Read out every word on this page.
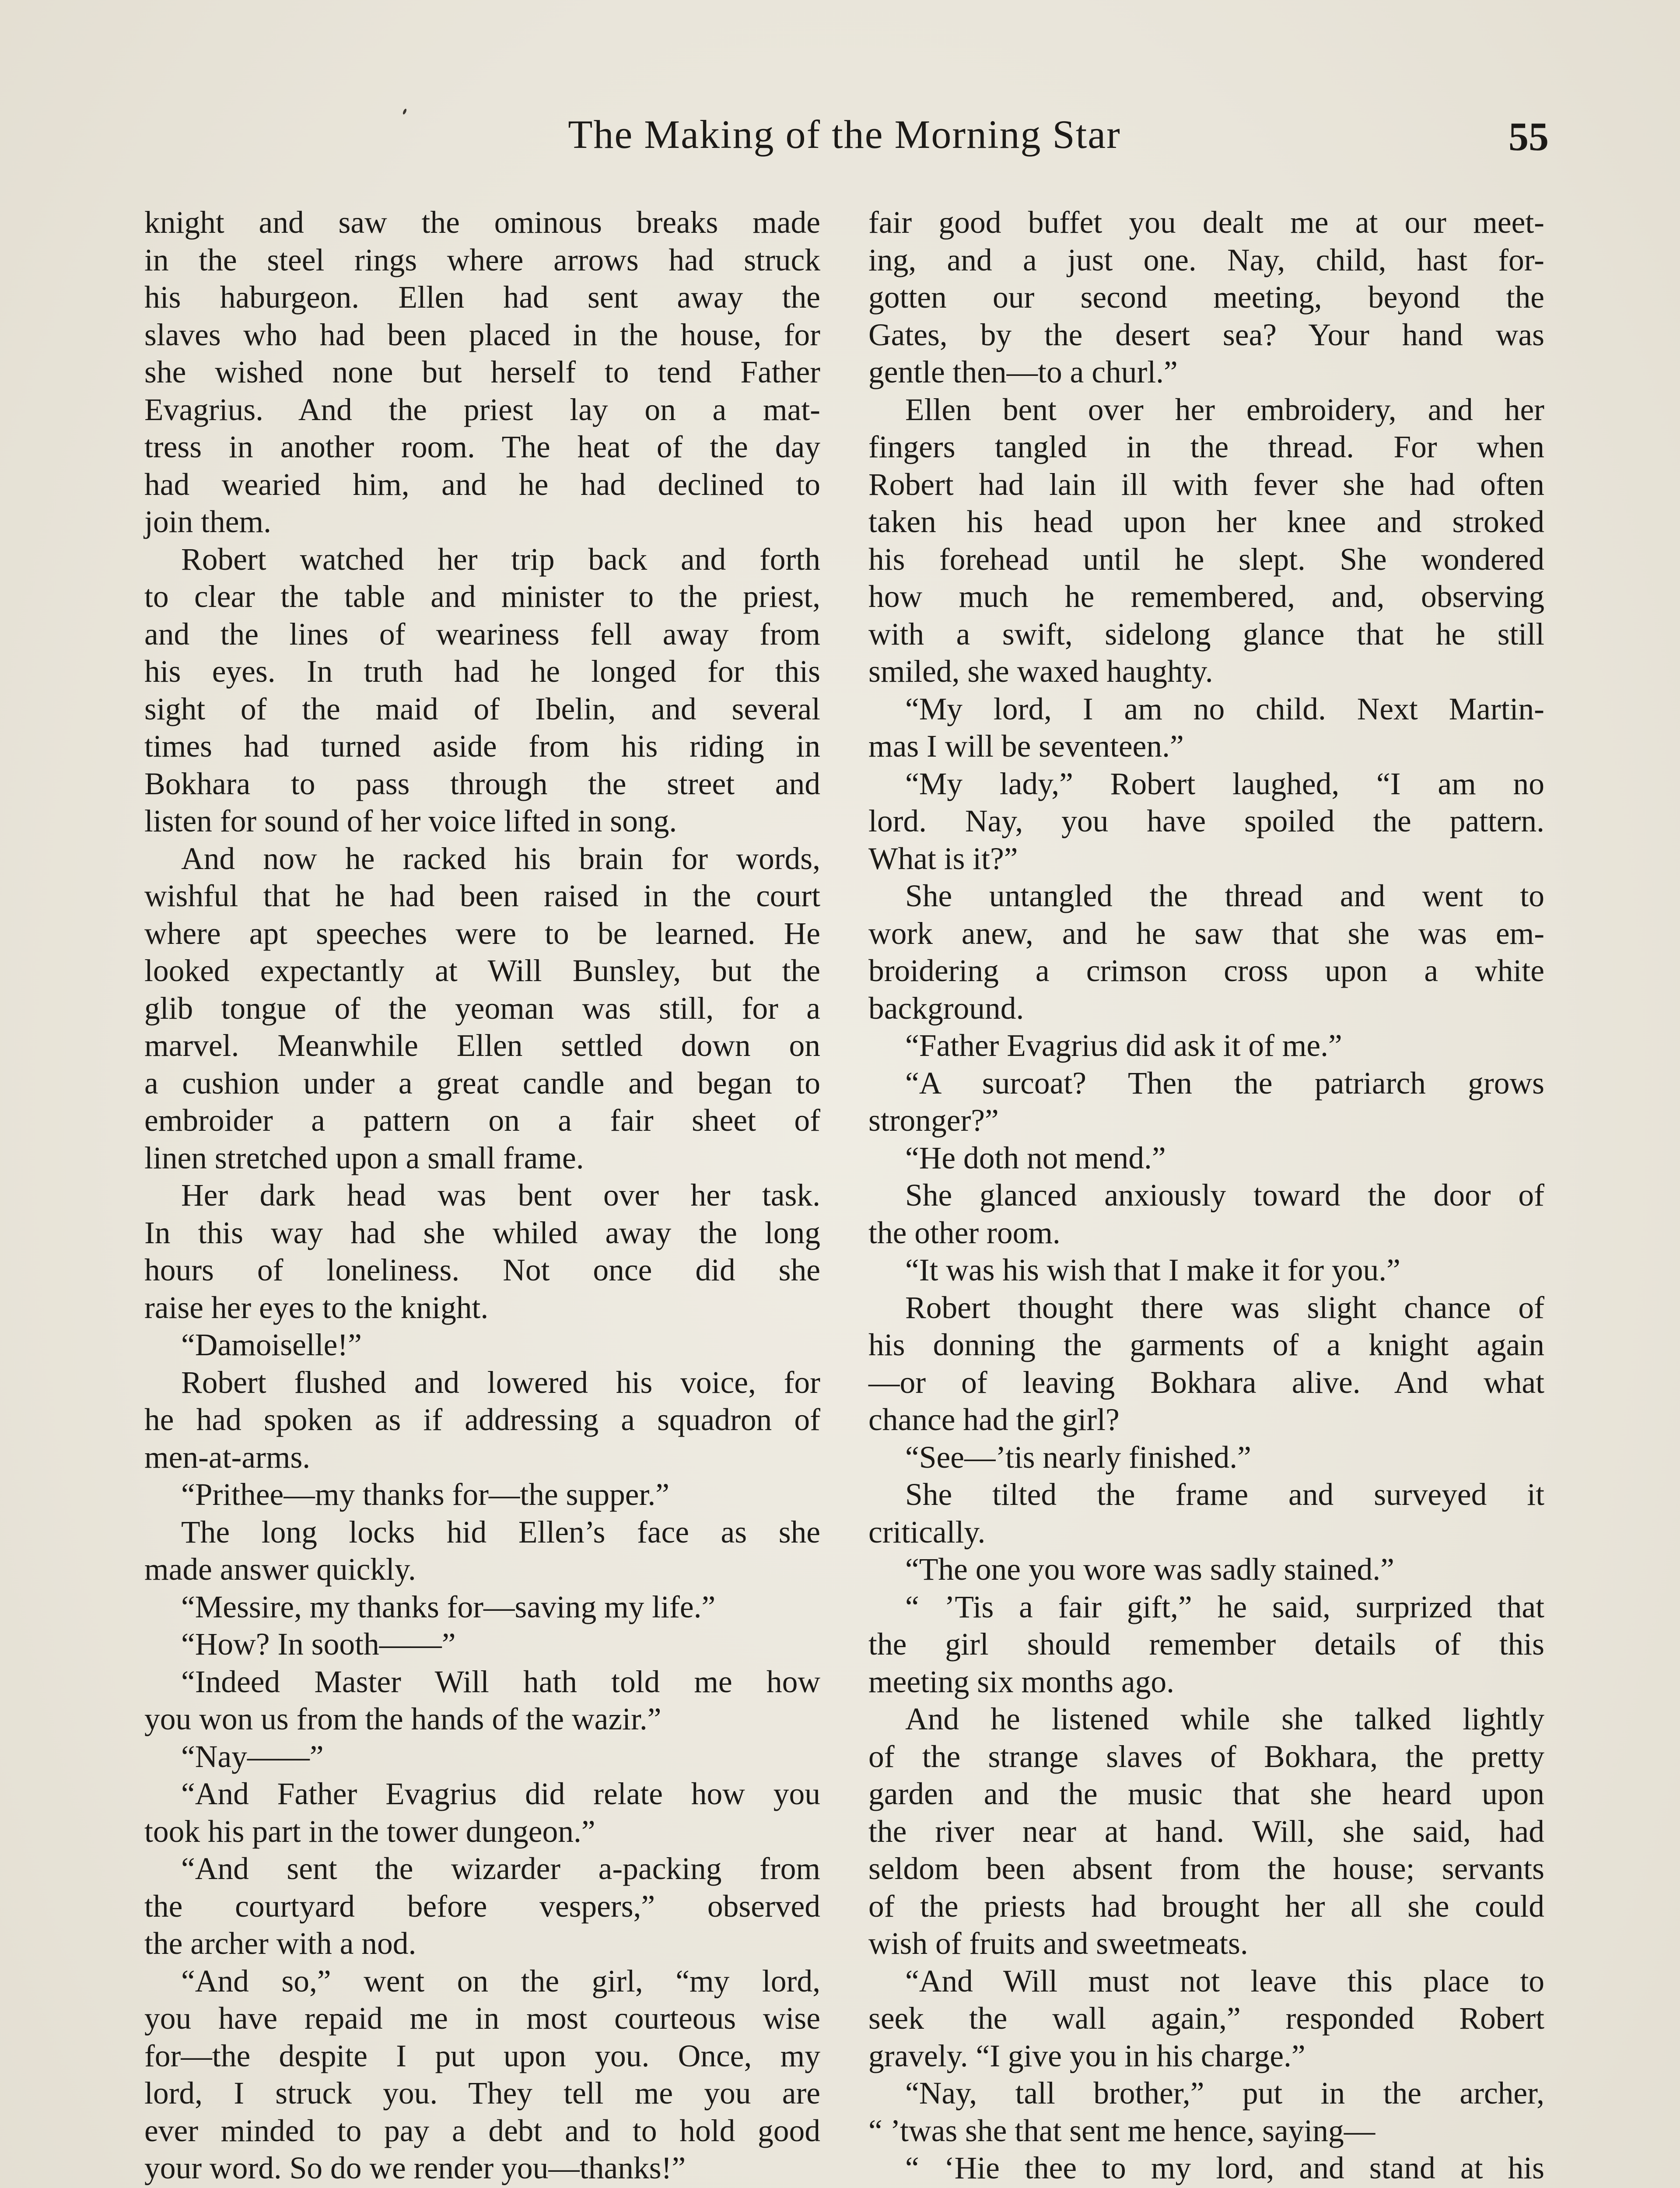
The Making of the Morning Star	55

knight and saw the ominous breaks made
in the steel rings where arrows had struck
his haburgeon. Ellen had sent away the
slaves who had been placed in the house, for
she wished none but herself to tend Father
Evagrius. And the priest lay on a mat-
tress in another room. The heat of the day
had wearied him, and he had declined to
join them.

Robert watched her trip back and forth
to clear the table and minister to the priest,
and the lines of weariness fell away from
his eyes. In truth had he longed for this
sight of the maid of Ibelin, and several
times had turned aside from his riding in
Bokhara to pass through the street and
listen for sound of her voice lifted in song.

And now he racked his brain for words,
wishful that he had been raised in the court
where apt speeches were to be learned. He
looked expectantly at Will Bunsley, but the
glib tongue of the yeoman was still, for a
marvel. Meanwhile Ellen settled down on
a cushion under a great candle and began to
embroider a pattern on a fair sheet of
linen stretched upon a small frame.

Her dark head was bent over her task.
In this way had she whiled away the long
hours of loneliness. Not once did she
raise her eyes to the knight.

“Damoiselle!”

Robert flushed and lowered his voice, for
he had spoken as if addressing a squadron of
men-at-arms.

“Prithee—my thanks for—the supper.”

The long locks hid Ellen’s face as she
made answer quickly.

“Messire, my thanks for—saving my life.”

“How? In sooth——”

“Indeed Master Will hath told me how
you won us from the hands of the wazir.”

“Nay——”

“And Father Evagrius did relate how you
took his part in the tower dungeon.”

“And sent the wizarder a-packing from
the courtyard before vespers,” observed
the archer with a nod.

“And so,” went on the girl, “my lord,
you have repaid me in most courteous wise
for—the despite I put upon you. Once, my
lord, I struck you. They tell me you are
ever minded to pay a debt and to hold good
your word. So do we render you—thanks!”

fair good buffet you dealt me at our meet-
ing, and a just one. Nay, child, hast for-
gotten our second meeting, beyond the
Gates, by the desert sea? Your hand was
gentle then—to a churl.”

Ellen bent over her embroidery, and her
fingers tangled in the thread. For when
Robert had lain ill with fever she had often
taken his head upon her knee and stroked
his forehead until he slept. She wondered
how much he remembered, and, observing
with a swift, sidelong glance that he still
smiled, she waxed haughty.

“My lord, I am no child. Next Martin-
mas I will be seventeen.”

“My lady,” Robert laughed, “I am no
lord. Nay, you have spoiled the pattern.
What is it?”

She untangled the thread and went to
work anew, and he saw that she was em-
broidering a crimson cross upon a white
background.

“Father Evagrius did ask it of me.”

“A surcoat? Then the patriarch grows
stronger?”

“He doth not mend.”

She glanced anxiously toward the door of
the other room.

“It was his wish that I make it for you.”

Robert thought there was slight chance of
his donning the garments of a knight again
—or of leaving Bokhara alive. And what
chance had the girl?

“See—’tis nearly finished.”

She tilted the frame and surveyed it
critically.

“The one you wore was sadly stained.”

“ ’Tis a fair gift,” he said, surprized that
the girl should remember details of this
meeting six months ago.

And he listened while she talked lightly
of the strange slaves of Bokhara, the pretty
garden and the music that she heard upon
the river near at hand. Will, she said, had
seldom been absent from the house; servants
of the priests had brought her all she could
wish of fruits and sweetmeats.

“And Will must not leave this place to
seek the wall again,” responded Robert
gravely. “I give you in his charge.”

“Nay, tall brother,” put in the archer,
“ ’twas she that sent me hence, saying—

“ ‘Hie thee to my lord, and stand at his
